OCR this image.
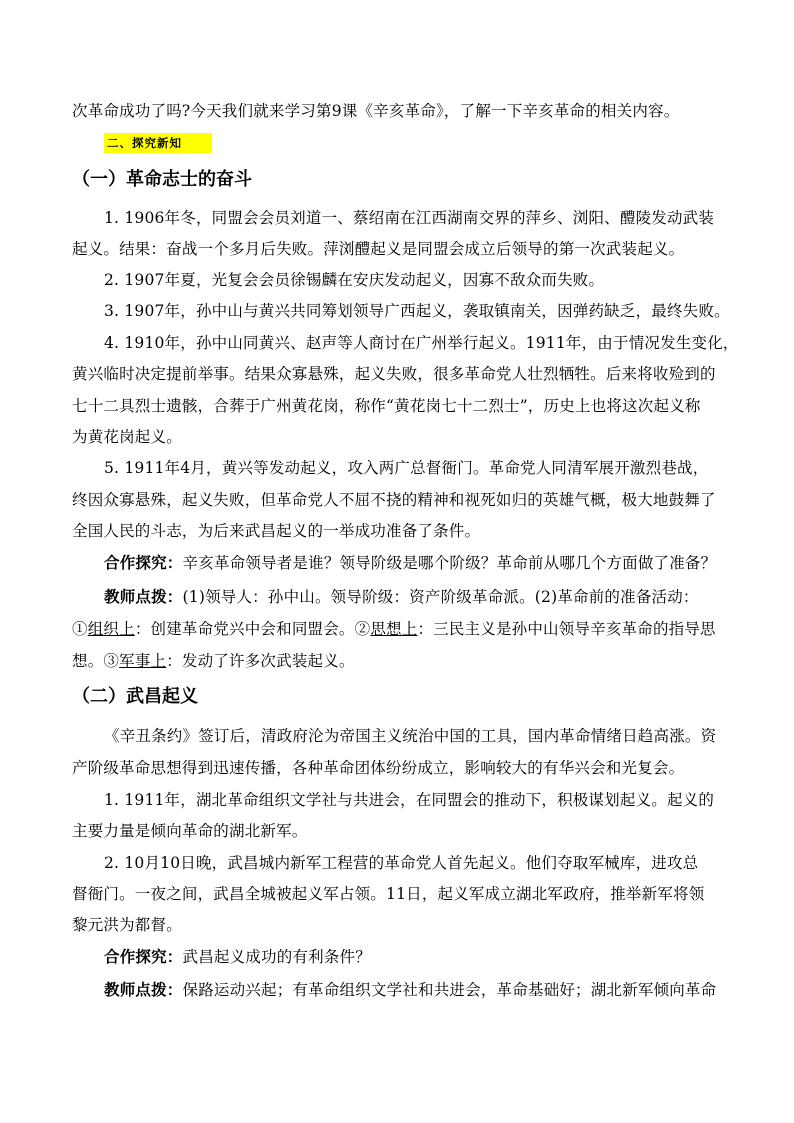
次革命成功了吗?今天我们就来学习第9课《辛亥革命》，了解一下辛亥革命的相关内容。
二、探究新知
（一）革命志士的奋斗
1. 1906年冬，同盟会会员刘道一、蔡绍南在江西湖南交界的萍乡、浏阳、醴陵发动武装
起义。结果：奋战一个多月后失败。萍浏醴起义是同盟会成立后领导的第一次武装起义。
2. 1907年夏，光复会会员徐锡麟在安庆发动起义，因寡不敌众而失败。
3. 1907年，孙中山与黄兴共同筹划领导广西起义，袭取镇南关，因弹药缺乏，最终失败。
4. 1910年，孙中山同黄兴、赵声等人商讨在广州举行起义。1911年，由于情况发生变化，
黄兴临时决定提前举事。结果众寡悬殊，起义失败，很多革命党人壮烈牺牲。后来将收殓到的
七十二具烈士遗骸，合葬于广州黄花岗，称作“黄花岗七十二烈士”，历史上也将这次起义称
为黄花岗起义。
5. 1911年4月，黄兴等发动起义，攻入两广总督衙门。革命党人同清军展开激烈巷战，
终因众寡悬殊，起义失败，但革命党人不屈不挠的精神和视死如归的英雄气概，极大地鼓舞了
全国人民的斗志，为后来武昌起义的一举成功准备了条件。
合作探究：辛亥革命领导者是谁？领导阶级是哪个阶级？革命前从哪几个方面做了准备？
教师点拨：(1)领导人：孙中山。领导阶级：资产阶级革命派。(2)革命前的准备活动：
①组织上：创建革命党兴中会和同盟会。②思想上：三民主义是孙中山领导辛亥革命的指导思
想。③军事上：发动了许多次武装起义。
（二）武昌起义
《辛丑条约》签订后，清政府沦为帝国主义统治中国的工具，国内革命情绪日趋高涨。资
产阶级革命思想得到迅速传播，各种革命团体纷纷成立，影响较大的有华兴会和光复会。
1. 1911年，湖北革命组织文学社与共进会，在同盟会的推动下，积极谋划起义。起义的
主要力量是倾向革命的湖北新军。
2. 10月10日晚，武昌城内新军工程营的革命党人首先起义。他们夺取军械库，进攻总
督衙门。一夜之间，武昌全城被起义军占领。11日，起义军成立湖北军政府，推举新军将领
黎元洪为都督。
合作探究：武昌起义成功的有利条件？
教师点拨：保路运动兴起；有革命组织文学社和共进会，革命基础好；湖北新军倾向革命
